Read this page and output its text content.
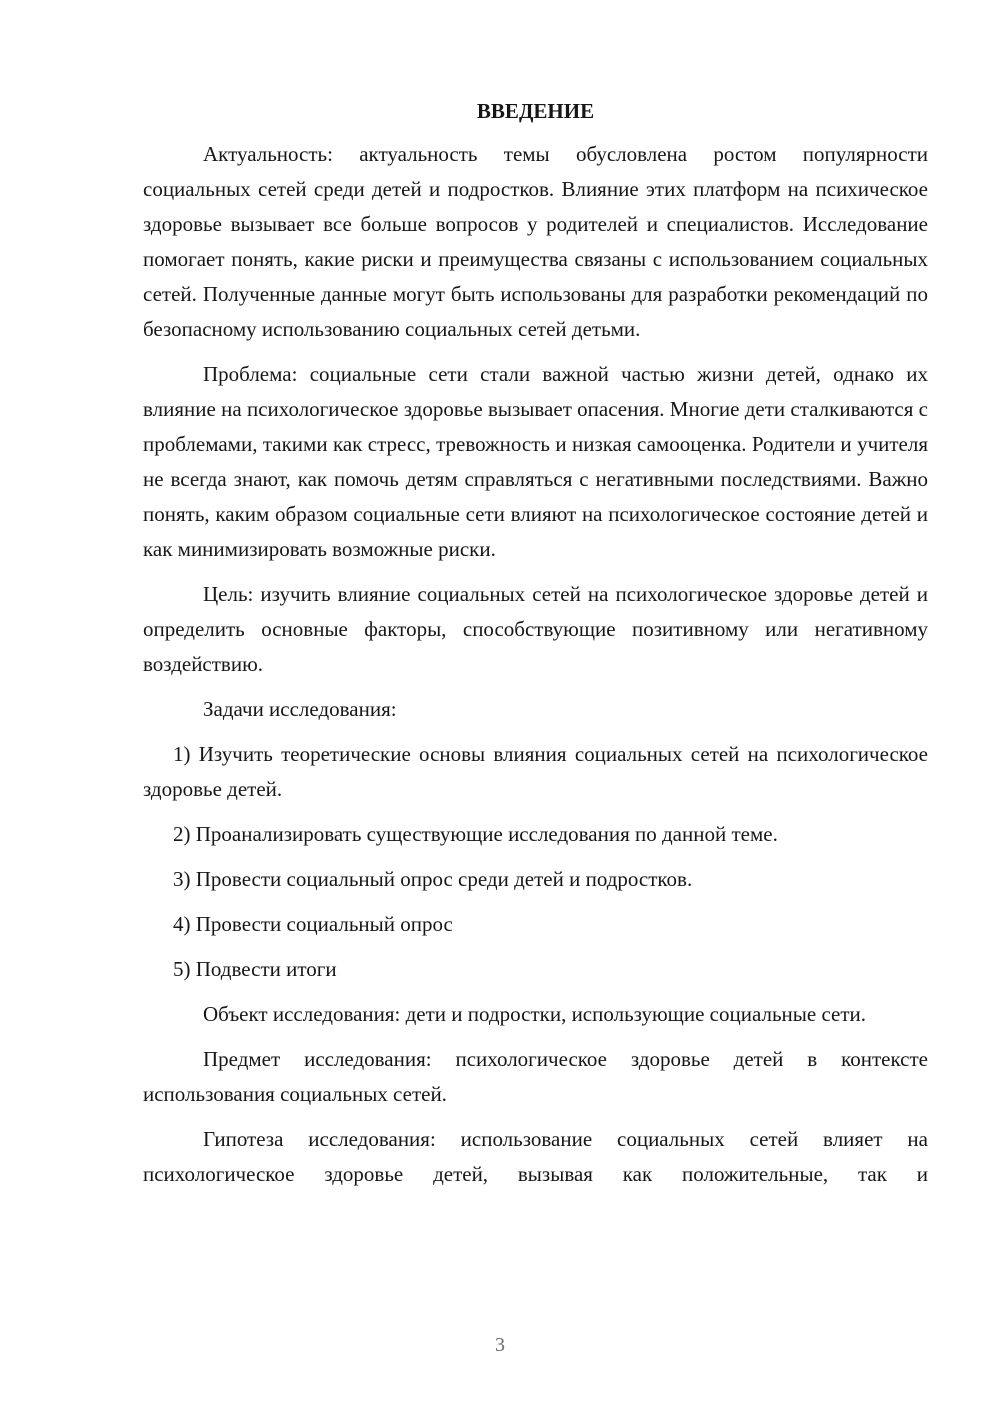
ВВЕДЕНИЕ

Актуальность: актуальность темы обусловлена ростом популярности социальных сетей среди детей и подростков. Влияние этих платформ на психическое здоровье вызывает все больше вопросов у родителей и специалистов. Исследование помогает понять, какие риски и преимущества связаны с использованием социальных сетей. Полученные данные могут быть использованы для разработки рекомендаций по безопасному использованию социальных сетей детьми.

Проблема: социальные сети стали важной частью жизни детей, однако их влияние на психологическое здоровье вызывает опасения. Многие дети сталкиваются с проблемами, такими как стресс, тревожность и низкая самооценка. Родители и учителя не всегда знают, как помочь детям справляться с негативными последствиями. Важно понять, каким образом социальные сети влияют на психологическое состояние детей и как минимизировать возможные риски.

Цель: изучить влияние социальных сетей на психологическое здоровье детей и определить основные факторы, способствующие позитивному или негативному воздействию.

Задачи исследования:

1) Изучить теоретические основы влияния социальных сетей на психологическое здоровье детей.

2) Проанализировать существующие исследования по данной теме.

3) Провести социальный опрос среди детей и подростков.

4) Провести социальный опрос

5) Подвести итоги

Объект исследования: дети и подростки, использующие социальные сети.

Предмет исследования: психологическое здоровье детей в контексте использования социальных сетей.

Гипотеза исследования: использование социальных сетей влияет на психологическое здоровье детей, вызывая как положительные, так и

3
